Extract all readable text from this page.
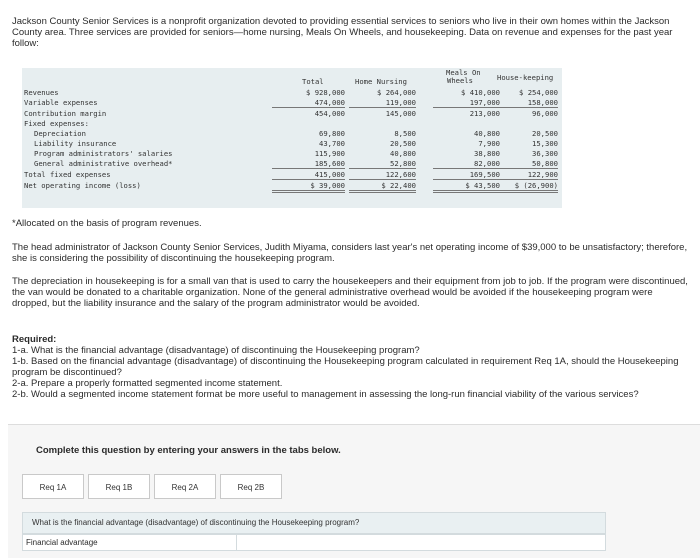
Jackson County Senior Services is a nonprofit organization devoted to providing essential services to seniors who live in their own homes within the Jackson County area. Three services are provided for seniors—home nursing, Meals On Wheels, and housekeeping. Data on revenue and expenses for the past year follow:
Total	Home Nursing
Meals On
Wheels	House-keeping
Revenues	$ 928,000	$ 264,000	$ 410,000	$ 254,000
Variable expenses	474,000	119,000	197,000	158,000
Contribution margin	454,000	145,000	213,000	96,000
Fixed expenses:
Depreciation	69,800	8,500	40,800	20,500
Liability insurance	43,700	20,500	7,900	15,300
Program administrators' salaries	115,900	40,800	38,800	36,300
General administrative overhead*	185,600	52,800	82,000	50,800
Total fixed expenses	415,000	122,600	169,500	122,900
Net operating income (loss)	$ 39,000	$ 22,400	$ 43,500	$ (26,900)
*Allocated on the basis of program revenues.
The head administrator of Jackson County Senior Services, Judith Miyama, considers last year's net operating income of $39,000 to be unsatisfactory; therefore, she is considering the possibility of discontinuing the housekeeping program.
The depreciation in housekeeping is for a small van that is used to carry the housekeepers and their equipment from job to job. If the program were discontinued, the van would be donated to a charitable organization. None of the general administrative overhead would be avoided if the housekeeping program were dropped, but the liability insurance and the salary of the program administrator would be avoided.
Required:
1-a. What is the financial advantage (disadvantage) of discontinuing the Housekeeping program?
1-b. Based on the financial advantage (disadvantage) of discontinuing the Housekeeping program calculated in requirement Req 1A, should the Housekeeping program be discontinued?
2-a. Prepare a properly formatted segmented income statement.
2-b. Would a segmented income statement format be more useful to management in assessing the long-run financial viability of the various services?
Complete this question by entering your answers in the tabs below.
Req 1A	Req 1B	Req 2A	Req 2B
What is the financial advantage (disadvantage) of discontinuing the Housekeeping program?
Financial advantage
